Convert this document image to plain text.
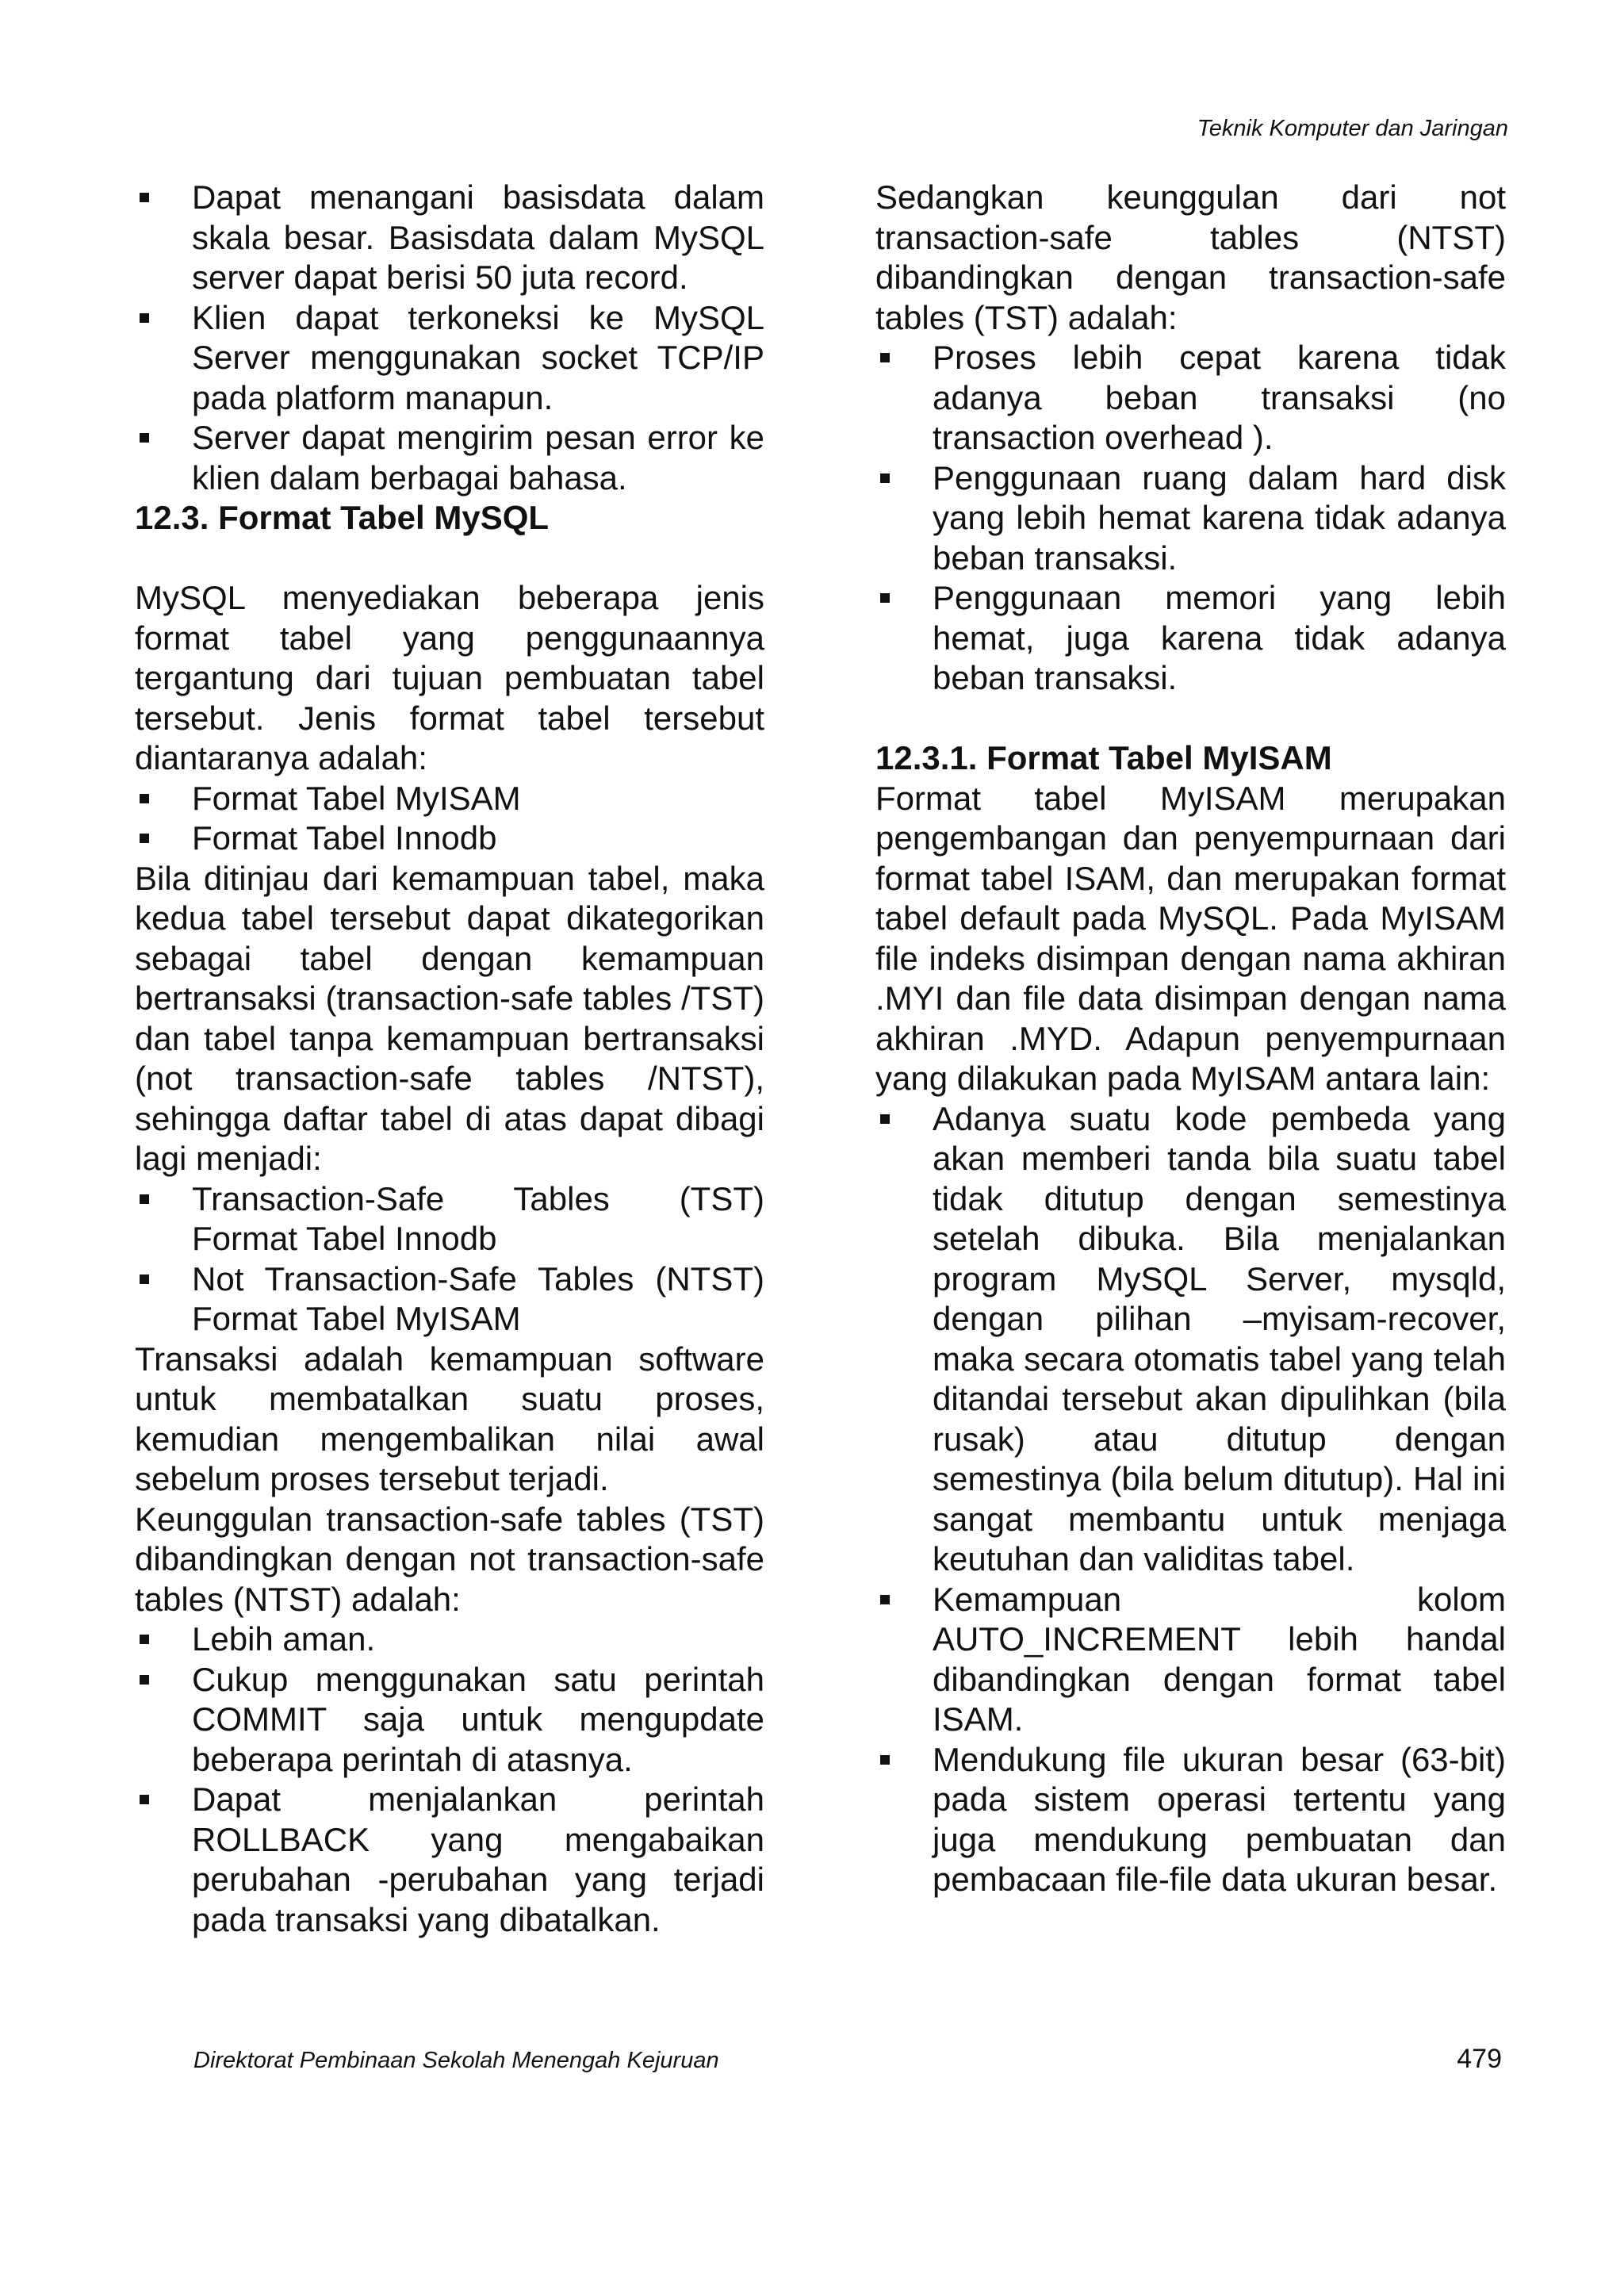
Teknik Komputer dan Jaringan
Dapat menangani basisdata dalam skala besar. Basisdata dalam MySQL server dapat berisi 50 juta record.
Klien dapat terkoneksi ke MySQL Server menggunakan socket TCP/IP pada platform manapun.
Server dapat mengirim pesan error ke klien dalam berbagai bahasa.
12.3. Format Tabel MySQL

MySQL menyediakan beberapa jenis format tabel yang penggunaannya tergantung dari tujuan pembuatan tabel tersebut. Jenis format tabel tersebut diantaranya adalah:

Format Tabel MyISAM
Format Tabel Innodb

Bila ditinjau dari kemampuan tabel, maka kedua tabel tersebut dapat dikategorikan sebagai tabel dengan kemampuan bertransaksi (transaction-safe tables /TST) dan tabel tanpa kemampuan bertransaksi (not transaction-safe tables /NTST), sehingga daftar tabel di atas dapat dibagi lagi menjadi:

Transaction-Safe Tables (TST)
Format Tabel Innodb
Not Transaction-Safe Tables (NTST)
Format Tabel MyISAM

Transaksi adalah kemampuan software untuk membatalkan suatu proses, kemudian mengembalikan nilai awal sebelum proses tersebut terjadi.

Keunggulan transaction-safe tables (TST) dibandingkan dengan not transaction-safe tables (NTST) adalah:

Lebih aman.
Cukup menggunakan satu perintah COMMIT saja untuk mengupdate beberapa perintah di atasnya.
Dapat menjalankan perintah ROLLBACK yang mengabaikan perubahan -perubahan yang terjadi pada transaksi yang dibatalkan.

Sedangkan keunggulan dari not transaction-safe tables (NTST) dibandingkan dengan transaction-safe tables (TST) adalah:

Proses lebih cepat karena tidak adanya beban transaksi (no transaction overhead ).
Penggunaan ruang dalam hard disk yang lebih hemat karena tidak adanya beban transaksi.
Penggunaan memori yang lebih hemat, juga karena tidak adanya beban transaksi.
12.3.1. Format Tabel MyISAM

Format tabel MyISAM merupakan pengembangan dan penyempurnaan dari format tabel ISAM, dan merupakan format tabel default pada MySQL. Pada MyISAM file indeks disimpan dengan nama akhiran .MYI dan file data disimpan dengan nama akhiran .MYD. Adapun penyempurnaan yang dilakukan pada MyISAM antara lain:

Adanya suatu kode pembeda yang akan memberi tanda bila suatu tabel tidak ditutup dengan semestinya setelah dibuka. Bila menjalankan program MySQL Server, mysqld, dengan pilihan –myisam-recover, maka secara otomatis tabel yang telah ditandai tersebut akan dipulihkan (bila rusak) atau ditutup dengan semestinya (bila belum ditutup). Hal ini sangat membantu untuk menjaga keutuhan dan validitas tabel.
Kemampuan kolom AUTO_INCREMENT lebih handal dibandingkan dengan format tabel ISAM.
Mendukung file ukuran besar (63-bit) pada sistem operasi tertentu yang juga mendukung pembuatan dan pembacaan file-file data ukuran besar.
Direktorat Pembinaan Sekolah Menengah Kejuruan	479
